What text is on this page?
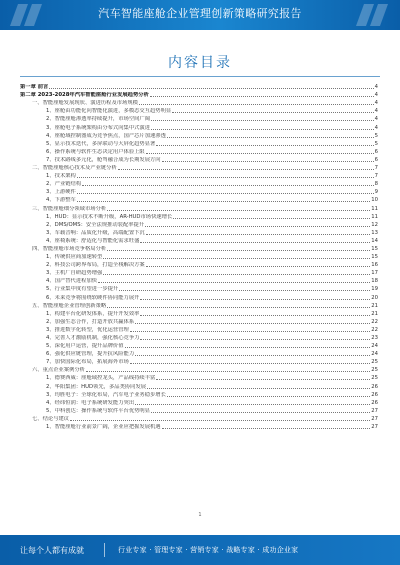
汽车智能座舱企业管理创新策略研究报告
内容目录
第一章 前言	4
第二章 2023-2028年汽车智能座舱行业发展趋势分析	4
一、智能座舱发展现状、演进历程及市场规模	4
1、座舱由功能化向智能化演进，多模态交互趋势明显	4
2、智能座舱渗透率持续提升，市场空间广阔	4
3、座舱电子系统架构由分布式向集中式演进	4
4、座舱域控制器成为竞争焦点，国产芯片加速渗透	5
5、显示技术迭代，多屏联动与大屏化趋势显著	5
6、操作系统与软件生态决定用户体验上限	6
7、技术路线多元化，舱驾融合成为长期发展方向	6
二、智能座舱核心技术及产业链分析	7
1、技术架构	7
2、产业链结构	8
3、上游硬件	9
4、下游整车	10
三、智能座舱细分领域市场分析	11
1、HUD：显示技术不断升级，AR-HUD市场快速增长	11
2、DMS/OMS：安全法规推动装配率提升	12
3、车载音响：品质化升级，高端配置下沉	13
4、座椅系统：舒适化与智能化需求旺盛	14
四、智能座舱市场竞争格局分析	15
1、传统供应商加速转型	15
2、科技公司跨界布局，打造全栈解决方案	16
3、主机厂自研趋势增强	17
4、国产替代进程加快	18
5、行业集中度有望进一步提升	19
6、未来竞争将围绕软硬件协同能力展开	20
五、智能座舱企业管理创新策略	21
1、构建平台化研发体系，提升开发效率	21
2、加强生态合作，打造开放共赢体系	22
3、推进数字化转型，优化运营管理	22
4、完善人才激励机制，强化核心竞争力	23
5、深化用户运营，提升品牌价值	24
6、强化供应链管理，提升抗风险能力	24
7、加快国际化布局，拓展海外市场	25
六、重点企业案例分析	25
1、德赛西威：座舱域控龙头，产品线持续丰富	25
2、华阳集团：HUD领先，多品类协同发展	26
3、均胜电子：全球化布局，汽车电子业务稳步增长	26
4、经纬恒润：电子系统研发能力突出	26
5、中科创达：操作系统与软件平台优势明显	27
七、结论与建议	27
1、智能座舱行业前景广阔，企业应把握发展机遇	27
1
让每个人都有成就	行业专家 · 管理专家 · 营销专家 · 战略专家 · 成功企业家
